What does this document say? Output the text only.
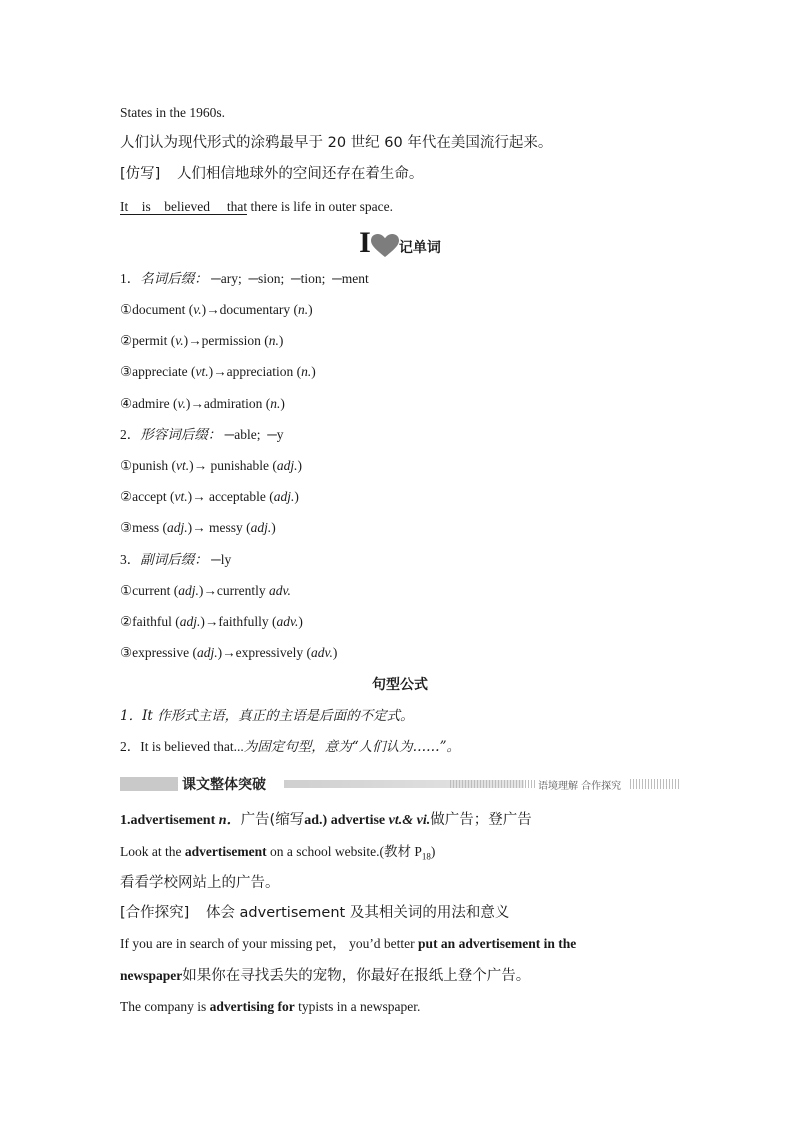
States in the 1960s.
人们认为现代形式的涂鸦最早于 20 世纪 60 年代在美国流行起来。
[仿写] 人们相信地球外的空间还存在着生命。
It is believed that there is life in outer space.
I 记单词
1．名词后缀： ─ary; ─sion; ─tion; ─ment
①document (v.)→documentary (n.)
②permit (v.)→permission (n.)
③appreciate (vt.)→appreciation (n.)
④admire (v.)→admiration (n.)
2．形容词后缀： ─able; ─y
①punish (vt.)→ punishable (adj.)
②accept (vt.)→ acceptable (adj.)
③mess (adj.)→ messy (adj.)
3．副词后缀： ─ly
①current (adj.)→currently adv.
②faithful (adj.)→faithfully (adv.)
③expressive (adj.)→expressively (adv.)
句型公式
1．It 作形式主语，真正的主语是后面的不定式。
2．It is believed that...为固定句型，意为“人们认为……”。
课文整体突破	语境理解 合作探究
1.advertisement n．广告(缩写ad.) advertise vt.& vi.做广告；登广告
Look at the advertisement on a school website.(教材 $P_{18}$)
看看学校网站上的广告。
[合作探究] 体会 advertisement 及其相关词的用法和意义
If you are in search of your missing pet， you’d better put an advertisement in the
newspaper如果你在寻找丢失的宠物，你最好在报纸上登个广告。
The company is advertising for typists in a newspaper.
